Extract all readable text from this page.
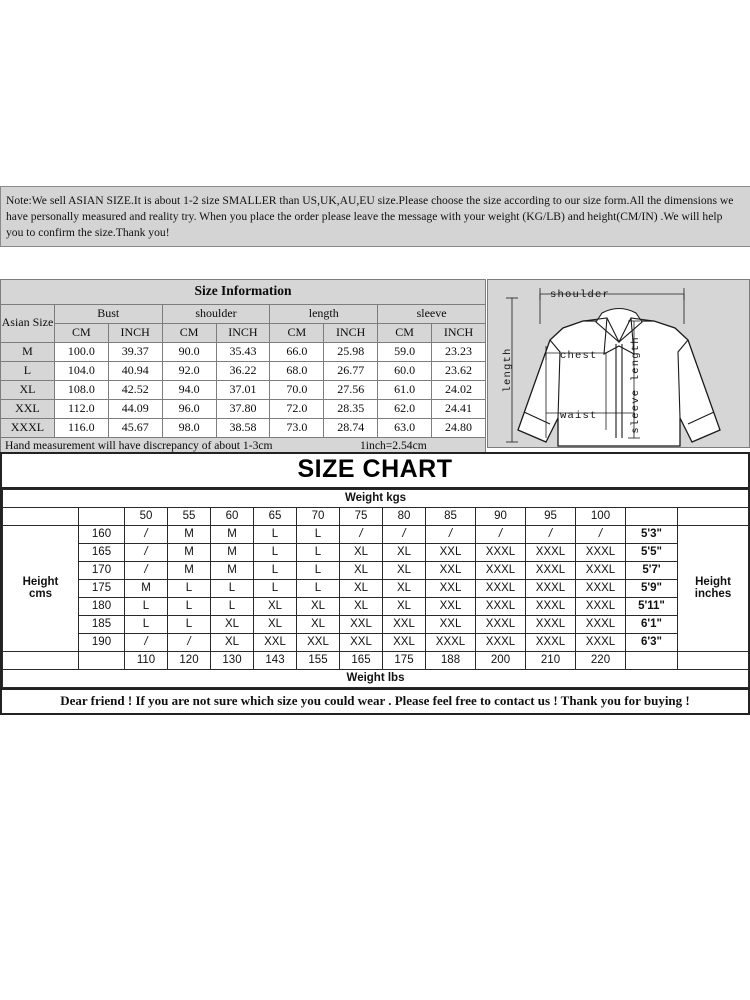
Note:We sell ASIAN SIZE.It is about 1-2 size SMALLER than US,UK,AU,EU size.Please choose the size according to our size form.All the dimensions we

have personally measured and reality try. When you place the order please leave the message with your weight (KG/LB) and height(CM/IN) .We will help

you to confirm the size.Thank you!

Size Information								
Asian Size	Bust		shoulder		length		sleeve	
	CM	INCH	CM	INCH	CM	INCH	CM	INCH
M	100.0	39.37	90.0	35.43	66.0	25.98	59.0	23.23
L	104.0	40.94	92.0	36.22	68.0	26.77	60.0	23.62
XL	108.0	42.52	94.0	37.01	70.0	27.56	61.0	24.02
XXL	112.0	44.09	96.0	37.80	72.0	28.35	62.0	24.41
XXXL	116.0	45.67	98.0	38.58	73.0	28.74	63.0	24.80

Hand measurement will have discrepancy of about 1-3cm 1inch=2.54cm								
shoulder
chest
waist
length	sleeve length
SIZE CHART
Weight kgs														
		50	55	60	65	70	75	80	85	90	95	100		
Height
cms	160	/	M	M	L	L	/	/	/	/	/	/	5'3"	Height
inches
	165	/	M	M	L	L	XL	XL	XXL	XXXL	XXXL	XXXL	5'5"	
	170	/	M	M	L	L	XL	XL	XXL	XXXL	XXXL	XXXL	5'7'	
	175	M	L	L	L	L	XL	XL	XXL	XXXL	XXXL	XXXL	5'9"	
	180	L	L	L	XL	XL	XL	XL	XXL	XXXL	XXXL	XXXL	5'11"	
	185	L	L	XL	XL	XL	XXL	XXL	XXL	XXXL	XXXL	XXXL	6'1"	
	190	/	/	XL	XXL	XXL	XXL	XXL	XXXL	XXXL	XXXL	XXXL	6'3"	
		110	120	130	143	155	165	175	188	200	210	220		
Weight lbs														
Dear friend ! If you are not sure which size you could wear . Please feel free to contact us ! Thank you for buying !
